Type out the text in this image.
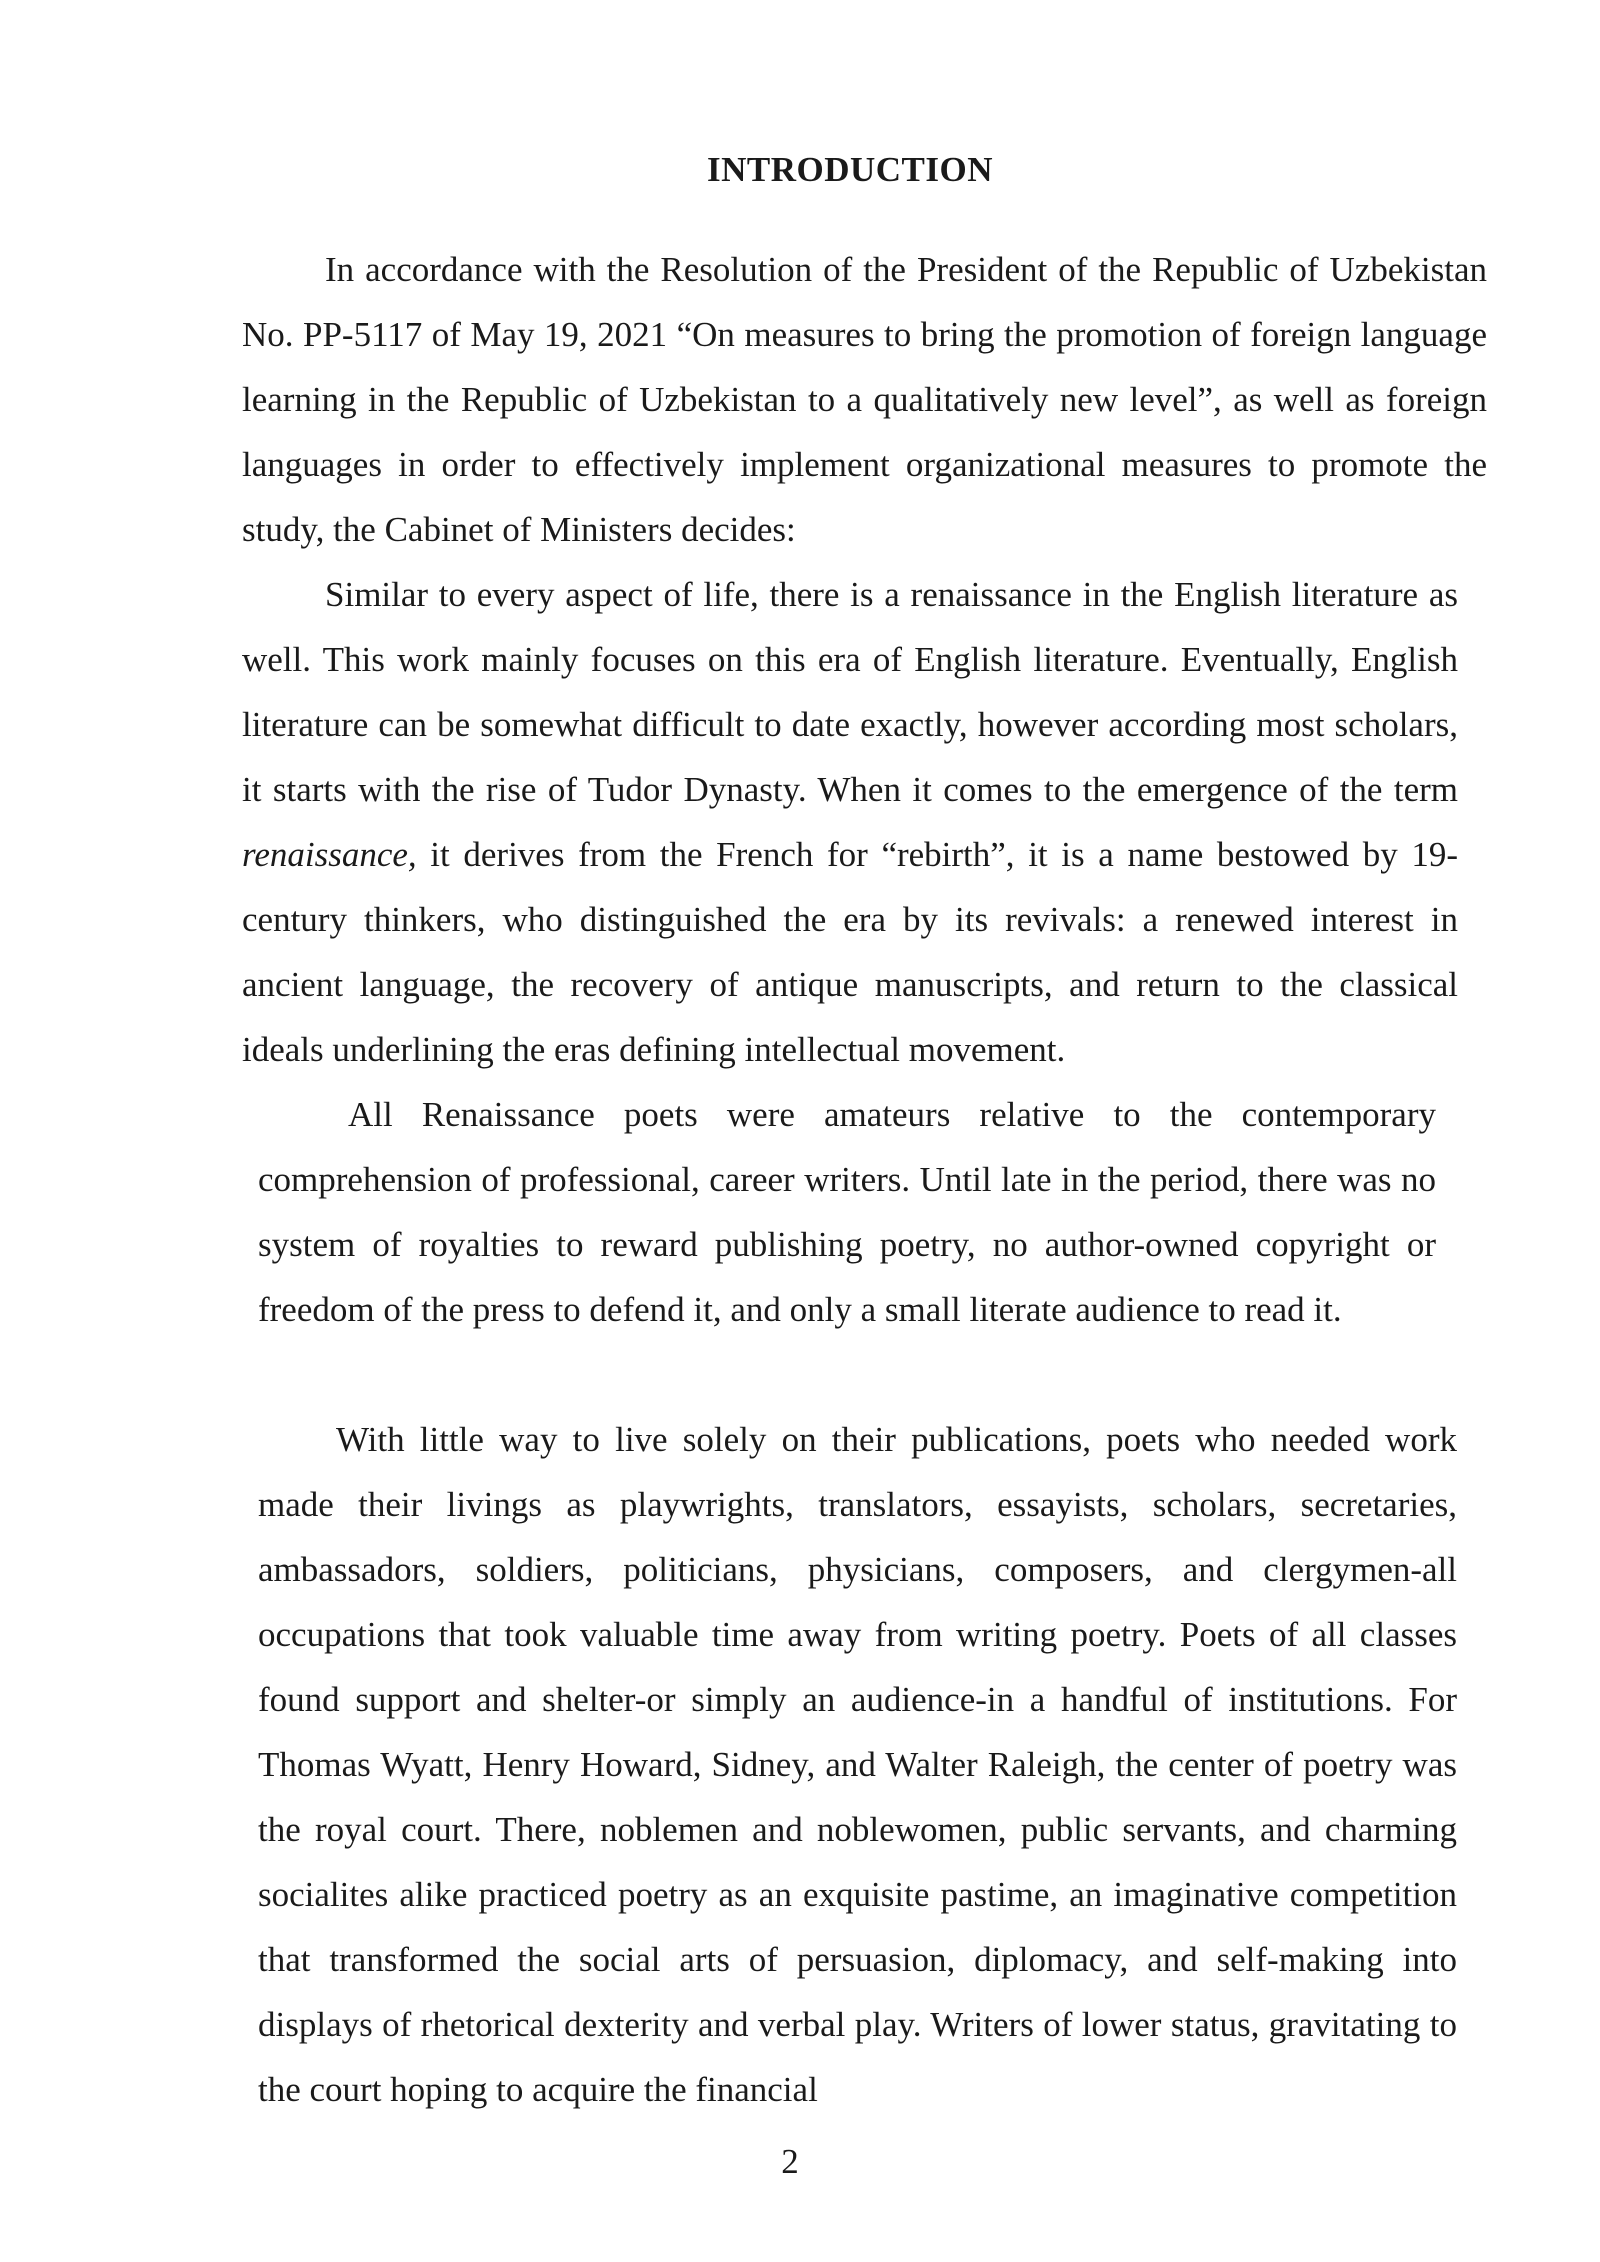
INTRODUCTION

In accordance with the Resolution of the President of the Republic of Uzbekistan No. PP-5117 of May 19, 2021 “On measures to bring the promotion of foreign language learning in the Republic of Uzbekistan to a qualitatively new level”, as well as foreign languages in order to effectively implement organizational measures to promote the study, the Cabinet of Ministers decides:

Similar to every aspect of life, there is a renaissance in the English literature as well. This work mainly focuses on this era of English literature. Eventually, English literature can be somewhat difficult to date exactly, however according most scholars, it starts with the rise of Tudor Dynasty. When it comes to the emergence of the term renaissance, it derives from the French for “rebirth”, it is a name bestowed by 19- century thinkers, who distinguished the era by its revivals: a renewed interest in ancient language, the recovery of antique manuscripts, and return to the classical ideals underlining the eras defining intellectual movement.

All Renaissance poets were amateurs relative to the contemporary comprehension of professional, career writers. Until late in the period, there was no system of royalties to reward publishing poetry, no author-owned copyright or freedom of the press to defend it, and only a small literate audience to read it.

With little way to live solely on their publications, poets who needed work made their livings as playwrights, translators, essayists, scholars, secretaries, ambassadors, soldiers, politicians, physicians, composers, and clergymen-all occupations that took valuable time away from writing poetry. Poets of all classes found support and shelter-or simply an audience-in a handful of institutions. For Thomas Wyatt, Henry Howard, Sidney, and Walter Raleigh, the center of poetry was the royal court. There, noblemen and noblewomen, public servants, and charming socialites alike practiced poetry as an exquisite pastime, an imaginative competition that transformed the social arts of persuasion, diplomacy, and self-making into displays of rhetorical dexterity and verbal play. Writers of lower status, gravitating to the court hoping to acquire the financial

2
